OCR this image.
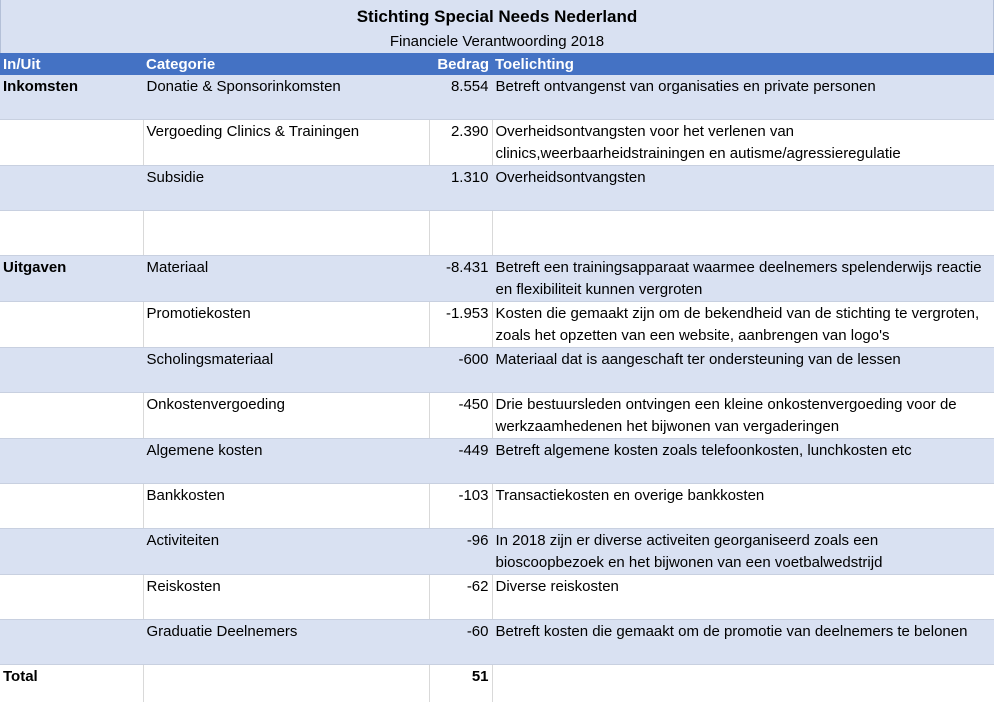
Stichting Special Needs Nederland
Financiele Verantwoording 2018
In/Uit	Categorie	Bedrag	Toelichting
Inkomsten	Donatie & Sponsorinkomsten	8.554	Betreft ontvangenst van organisaties en private personen
	Vergoeding Clinics & Trainingen	2.390	Overheidsontvangsten voor het verlenen van clinics,weerbaarheidstrainingen en autisme/agressieregulatie
	Subsidie	1.310	Overheidsontvangsten

Uitgaven	Materiaal	-8.431	Betreft een trainingsapparaat waarmee deelnemers spelenderwijs reactie en flexibiliteit kunnen vergroten
	Promotiekosten	-1.953	Kosten die gemaakt zijn om de bekendheid van de stichting te vergroten, zoals het opzetten van een website, aanbrengen van logo's
	Scholingsmateriaal	-600	Materiaal dat is aangeschaft ter ondersteuning van de lessen
	Onkostenvergoeding	-450	Drie bestuursleden ontvingen een kleine onkostenvergoeding voor de werkzaamhedenen het bijwonen van vergaderingen
	Algemene kosten	-449	Betreft algemene kosten zoals telefoonkosten, lunchkosten etc
	Bankkosten	-103	Transactiekosten en overige bankkosten
	Activiteiten	-96	In 2018 zijn er diverse activeiten georganiseerd zoals een bioscoopbezoek en het bijwonen van een voetbalwedstrijd
	Reiskosten	-62	Diverse reiskosten
	Graduatie Deelnemers	-60	Betreft kosten die gemaakt om de promotie van deelnemers te belonen
Total		51	
